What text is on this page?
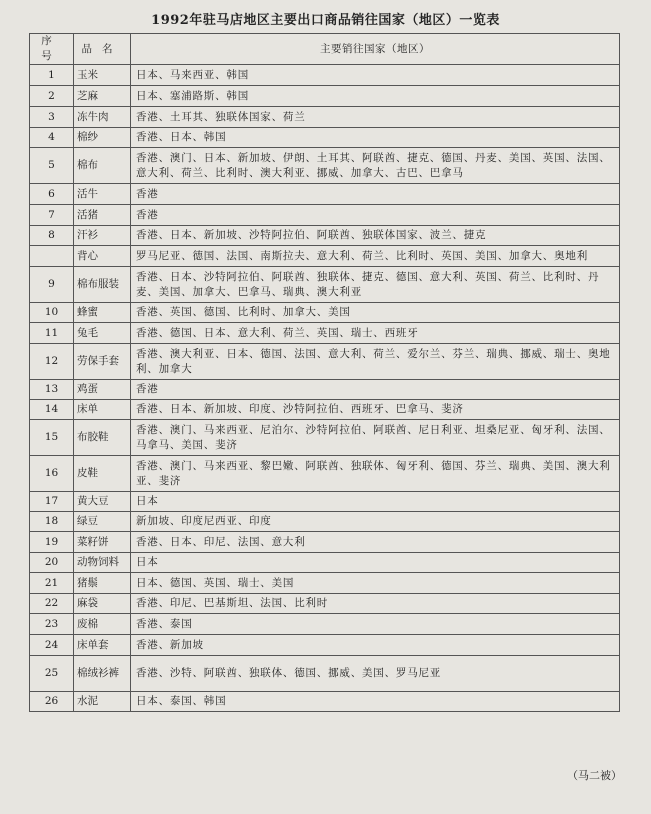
1992年驻马店地区主要出口商品销往国家（地区）一览表
序号	品名	主要销往国家（地区）
1	玉米	日本、马来西亚、韩国
2	芝麻	日本、塞浦路斯、韩国
3	冻牛肉	香港、土耳其、独联体国家、荷兰
4	棉纱	香港、日本、韩国
5	棉布	香港、澳门、日本、新加坡、伊朗、土耳其、阿联酋、捷克、德国、丹麦、美国、英国、法国、意大利、荷兰、比利时、澳大利亚、挪威、加拿大、古巴、巴拿马
6	活牛	香港
7	活猪	香港
8	汗衫	香港、日本、新加坡、沙特阿拉伯、阿联酋、独联体国家、波兰、捷克
	背心	罗马尼亚、德国、法国、南斯拉夫、意大利、荷兰、比利时、英国、美国、加拿大、奥地利
9	棉布服装	香港、日本、沙特阿拉伯、阿联酋、独联体、捷克、德国、意大利、英国、荷兰、比利时、丹麦、美国、加拿大、巴拿马、瑞典、澳大利亚
10	蜂蜜	香港、英国、德国、比利时、加拿大、美国
11	兔毛	香港、德国、日本、意大利、荷兰、英国、瑞士、西班牙
12	劳保手套	香港、澳大利亚、日本、德国、法国、意大利、荷兰、爱尔兰、芬兰、瑞典、挪威、瑞士、奥地利、加拿大
13	鸡蛋	香港
14	床单	香港、日本、新加坡、印度、沙特阿拉伯、西班牙、巴拿马、斐济
15	布胶鞋	香港、澳门、马来西亚、尼泊尔、沙特阿拉伯、阿联酋、尼日利亚、坦桑尼亚、匈牙利、法国、马拿马、美国、斐济
16	皮鞋	香港、澳门、马来西亚、黎巴嫩、阿联酋、独联体、匈牙利、德国、芬兰、瑞典、美国、澳大利亚、斐济
17	黄大豆	日本
18	绿豆	新加坡、印度尼西亚、印度
19	菜籽饼	香港、日本、印尼、法国、意大利
20	动物饲料	日本
21	猪鬃	日本、德国、英国、瑞士、美国
22	麻袋	香港、印尼、巴基斯坦、法国、比利时
23	废棉	香港、泰国
24	床单套	香港、新加坡
25	棉绒衫裤	香港、沙特、阿联酋、独联体、德国、挪威、美国、罗马尼亚
26	水泥	日本、泰国、韩国
（马二被）
